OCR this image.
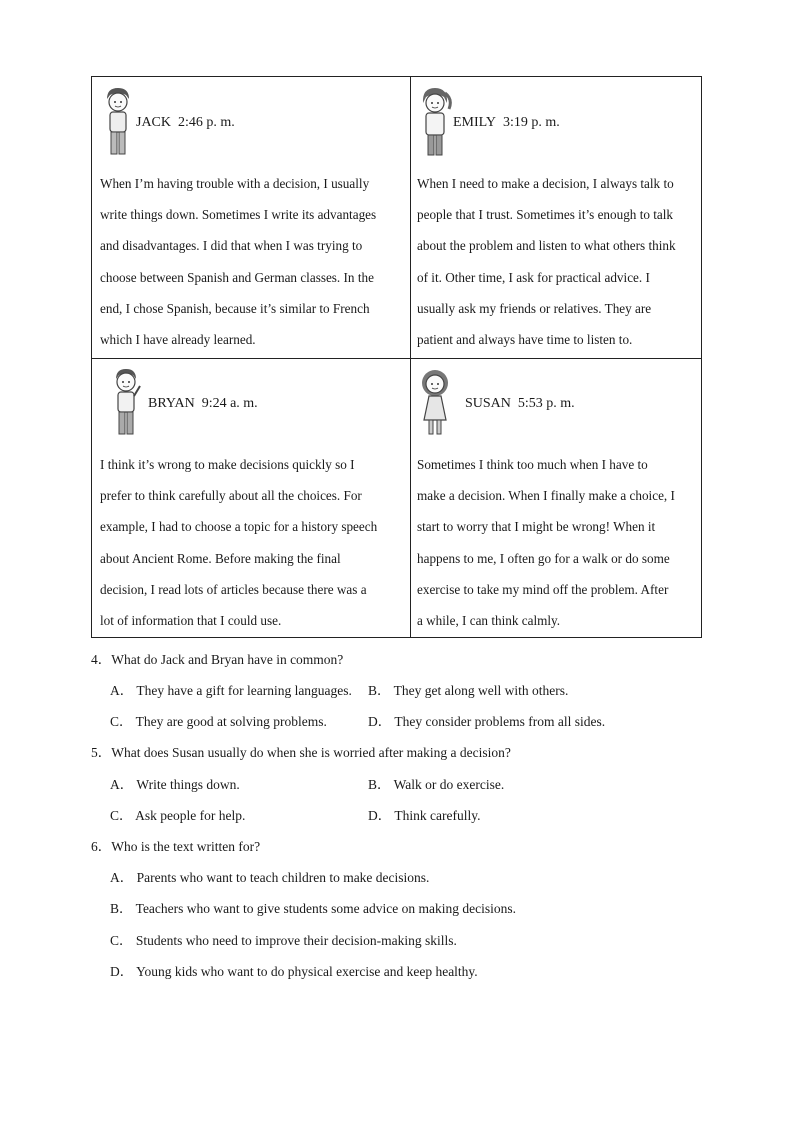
JACK 2:46 p. m.

When I’m having trouble with a decision, I usually

write things down. Sometimes I write its advantages

and disadvantages. I did that when I was trying to

choose between Spanish and German classes. In the

end, I chose Spanish, because it’s similar to French

which I have already learned.

EMILY 3:19 p. m.

When I need to make a decision, I always talk to

people that I trust. Sometimes it’s enough to talk

about the problem and listen to what others think

of it. Other time, I ask for practical advice. I

usually ask my friends or relatives. They are

patient and always have time to listen to.

BRYAN 9:24 a. m.

I think it’s wrong to make decisions quickly so I

prefer to think carefully about all the choices. For

example, I had to choose a topic for a history speech

about Ancient Rome. Before making the final

decision, I read lots of articles because there was a

lot of information that I could use.

SUSAN 5:53 p. m.

Sometimes I think too much when I have to

make a decision. When I finally make a choice, I

start to worry that I might be wrong! When it

happens to me, I often go for a walk or do some

exercise to take my mind off the problem. After

a while, I can think calmly.

4．What do Jack and Bryan have in common?
A． They have a gift for learning languages. B． They get along well with others.
C． They are good at solving problems.	D． They consider problems from all sides.
5．What does Susan usually do when she is worried after making a decision?
A． Write things down.	B． Walk or do exercise.
C． Ask people for help.	D． Think carefully.
6．Who is the text written for?
A． Parents who want to teach children to make decisions.
B． Teachers who want to give students some advice on making decisions.
C． Students who need to improve their decision-making skills.
D． Young kids who want to do physical exercise and keep healthy.
